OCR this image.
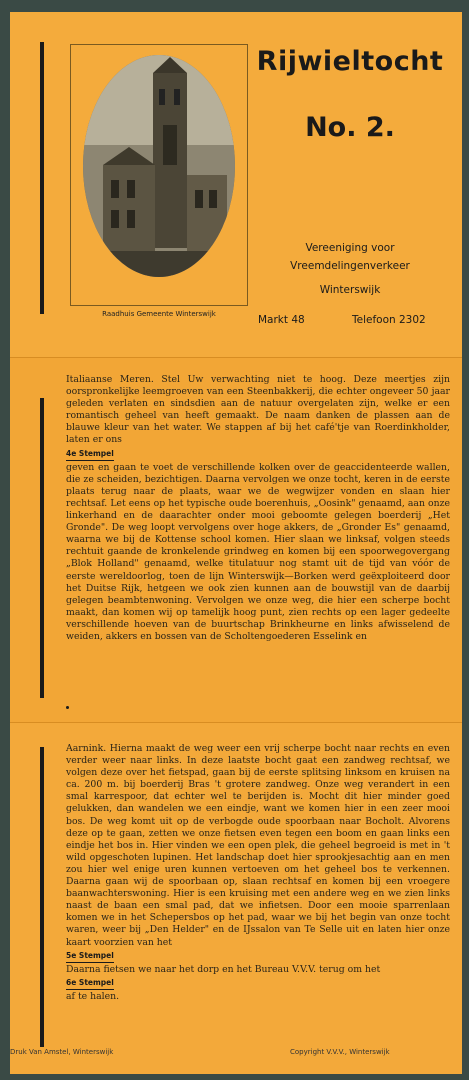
Raadhuis Gemeente Winterswijk
Rijwieltocht
No. 2.
Vereeniging voor
Vreemdelingenverkeer
Winterswijk
Markt 48	Telefoon 2302

Italiaanse Meren. Stel Uw verwachting niet te hoog. Deze meertjes zijn oorspronkelijke leemgroeven van een Steenbakkerij, die echter ongeveer 50 jaar geleden verlaten en sindsdien aan de natuur overgelaten zijn, welke er een romantisch geheel van heeft gemaakt. De naam danken de plassen aan de blauwe kleur van het water. We stappen af bij het café'tje van Roerdinkholder, laten er ons

4e Stempel

geven en gaan te voet de verschillende kolken over de geaccidenteerde wallen, die ze scheiden, bezichtigen. Daarna vervolgen we onze tocht, keren in de eerste plaats terug naar de plaats, waar we de wegwijzer vonden en slaan hier rechtsaf. Let eens op het typische oude boerenhuis, „Oosink" genaamd, aan onze linkerhand en de daarachter onder mooi geboomte gelegen boerderij „Het Gronde". De weg loopt vervolgens over hoge akkers, de „Gronder Es" genaamd, waarna we bij de Kottense school komen. Hier slaan we linksaf, volgen steeds rechtuit gaande de kronkelende grindweg en komen bij een spoorwegovergang „Blok Holland" genaamd, welke titulatuur nog stamt uit de tijd van vóór de eerste wereldoorlog, toen de lijn Winterswijk—Borken werd geëxploiteerd door het Duitse Rijk, hetgeen we ook zien kunnen aan de bouwstijl van de daarbij gelegen beambtenwoning. Vervolgen we onze weg, die hier een scherpe bocht maakt, dan komen wij op tamelijk hoog punt, zien rechts op een lager gedeelte verschillende hoeven van de buurtschap Brinkheurne en links afwisselend de weiden, akkers en bossen van de Scholtengoederen Esselink en

Aarnink. Hierna maakt de weg weer een vrij scherpe bocht naar rechts en even verder weer naar links. In deze laatste bocht gaat een zandweg rechtsaf, we volgen deze over het fietspad, gaan bij de eerste splitsing linksom en kruisen na ca. 200 m. bij boerderij Bras 't grotere zandweg. Onze weg verandert in een smal karrespoor, dat echter wel te berijden is. Mocht dit hier minder goed gelukken, dan wandelen we een eindje, want we komen hier in een zeer mooi bos. De weg komt uit op de verbogde oude spoorbaan naar Bocholt. Alvorens deze op te gaan, zetten we onze fietsen even tegen een boom en gaan links een eindje het bos in. Hier vinden we een open plek, die geheel begroeid is met in 't wild opgeschoten lupinen. Het landschap doet hier sprookjesachtig aan en men zou hier wel enige uren kunnen vertoeven om het geheel bos te verkennen. Daarna gaan wij de spoorbaan op, slaan rechtsaf en komen bij een vroegere baanwachterswoning. Hier is een kruising met een andere weg en we zien links naast de baan een smal pad, dat we infietsen. Door een mooie sparrenlaan komen we in het Schepersbos op het pad, waar we bij het begin van onze tocht waren, weer bij „Den Helder" en de IJssalon van Te Selle uit en laten hier onze kaart voorzien van het

5e Stempel

Daarna fietsen we naar het dorp en het Bureau V.V.V. terug om het

6e Stempel

af te halen.

Druk Van Amstel, Winterswijk	Copyright V.V.V., Winterswijk
